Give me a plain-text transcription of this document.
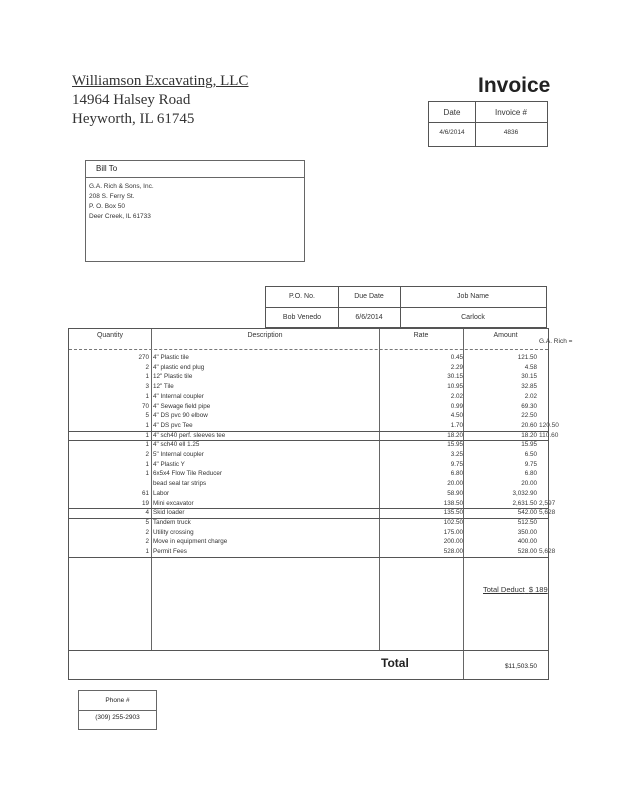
Williamson Excavating, LLC
14964 Halsey Road
Heyworth, IL 61745
Invoice
Date	Invoice #
4/6/2014	4836
Bill To
G.A. Rich & Sons, Inc.
208 S. Ferry St.
P. O. Box 50
Deer Creek, IL 61733
P.O. No.	Due Date	Job Name
Bob Venedo	6/6/2014	Carlock
Quantity	Description	Rate	Amount
G.A. Rich =
270 4" Plastic tile	0.45	121.50
2 4" plastic end plug	2.29	4.58
1 12" Plastic tile	30.15	30.15
3 12" Tile	10.95	32.85
1 4" Internal coupler	2.02	2.02
70 4" Sewage field pipe	0.99	69.30
5 4" DS pvc 90 elbow	4.50	22.50
1 4" DS pvc Tee	1.70	20.60 120.50
1 4" sch40 perf. sleeves tee	18.20	18.20 110.60
1 4" sch40 ell 1.25	15.95	15.95
2 5" Internal coupler	3.25	6.50
1 4" Plastic Y	9.75	9.75
1 6x5x4 Flow Tile Reducer	6.80	6.80
bead seal tar strips	20.00	20.00
61 Labor	58.90	3,032.90
19 Mini excavator	138.50	2,631.50 2,597
4 Skid loader	135.50	542.00 5,628
5 Tandem truck	102.50	512.50
2 Utility crossing	175.00	350.00
2 Move in equipment charge	200.00	400.00
1 Permit Fees	528.00	528.00 5,628
Total Deduct $ 189
Total	$11,503.50
Phone #
(309) 255-2903
